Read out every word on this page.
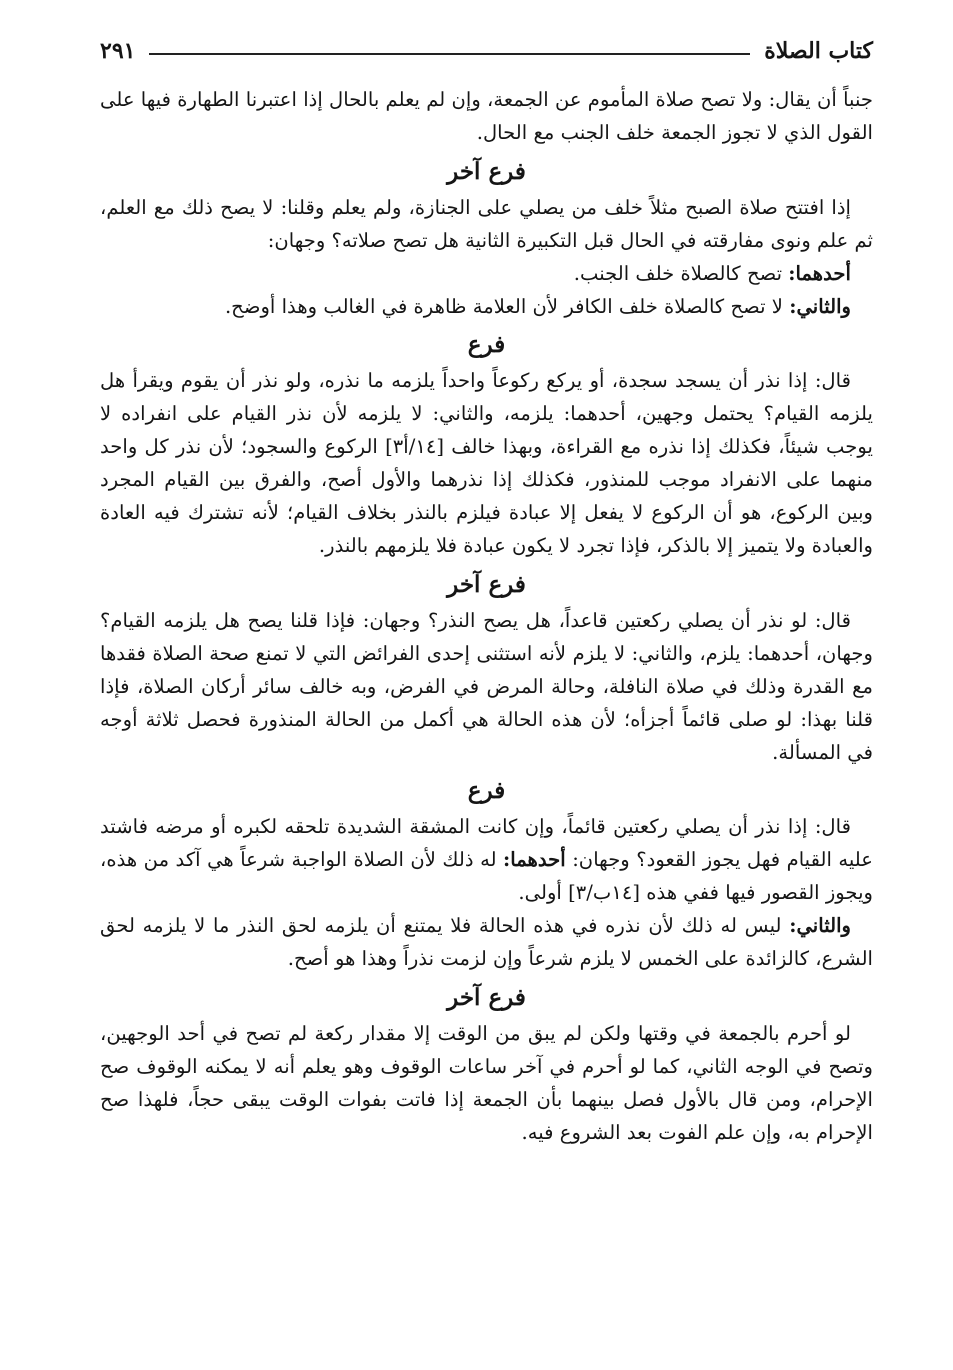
كتاب الصلاة
٢٩١

جنباً أن يقال: ولا تصح صلاة المأموم عن الجمعة، وإن لم يعلم بالحال إذا اعتبرنا الطهارة فيها على القول الذي لا تجوز الجمعة خلف الجنب مع الحال.

فرع آخر

إذا افتتح صلاة الصبح مثلاً خلف من يصلي على الجنازة، ولم يعلم وقلنا: لا يصح ذلك مع العلم، ثم علم ونوى مفارقته في الحال قبل التكبيرة الثانية هل تصح صلاته؟ وجهان:

أحدهما: تصح كالصلاة خلف الجنب.

والثاني: لا تصح كالصلاة خلف الكافر لأن العلامة ظاهرة في الغالب وهذا أوضح.

فرع

قال: إذا نذر أن يسجد سجدة، أو يركع ركوعاً واحداً يلزمه ما نذره، ولو نذر أن يقوم ويقرأ هل يلزمه القيام؟ يحتمل وجهين، أحدهما: يلزمه، والثاني: لا يلزمه لأن نذر القيام على انفراده لا يوجب شيئاً، فكذلك إذا نذره مع القراءة، وبهذا خالف [١٤/أ٣] الركوع والسجود؛ لأن نذر كل واحد منهما على الانفراد موجب للمنذور، فكذلك إذا نذرهما والأول أصح، والفرق بين القيام المجرد وبين الركوع، هو أن الركوع لا يفعل إلا عبادة فيلزم بالنذر بخلاف القيام؛ لأنه تشترك فيه العادة والعبادة ولا يتميز إلا بالذكر، فإذا تجرد لا يكون عبادة فلا يلزمهم بالنذر.

فرع آخر

قال: لو نذر أن يصلي ركعتين قاعداً، هل يصح النذر؟ وجهان: فإذا قلنا يصح هل يلزمه القيام؟ وجهان، أحدهما: يلزم، والثاني: لا يلزم لأنه استثنى إحدى الفرائض التي لا تمنع صحة الصلاة فقدها مع القدرة وذلك في صلاة النافلة، وحالة المرض في الفرض، وبه خالف سائر أركان الصلاة، فإذا قلنا بهذا: لو صلى قائماً أجزأه؛ لأن هذه الحالة هي أكمل من الحالة المنذورة فحصل ثلاثة أوجه في المسألة.

فرع

قال: إذا نذر أن يصلي ركعتين قائماً، وإن كانت المشقة الشديدة تلحقه لكبره أو مرضه فاشتد عليه القيام فهل يجوز القعود؟ وجهان: أحدهما: له ذلك لأن الصلاة الواجبة شرعاً هي آكد من هذه، ويجوز القصور فيها ففي هذه [١٤ب/٣] أولى.

والثاني: ليس له ذلك لأن نذره في هذه الحالة فلا يمتنع أن يلزمه لحق النذر ما لا يلزمه لحق الشرع، كالزائدة على الخمس لا يلزم شرعاً وإن لزمت نذراً وهذا هو أصح.

فرع آخر

لو أحرم بالجمعة في وقتها ولكن لم يبق من الوقت إلا مقدار ركعة لم تصح في أحد الوجهين، وتصح في الوجه الثاني، كما لو أحرم في آخر ساعات الوقوف وهو يعلم أنه لا يمكنه الوقوف صح الإحرام، ومن قال بالأول فصل بينهما بأن الجمعة إذا فاتت بفوات الوقت يبقى حجاً، فلهذا صح الإحرام به، وإن علم الفوت بعد الشروع فيه.
